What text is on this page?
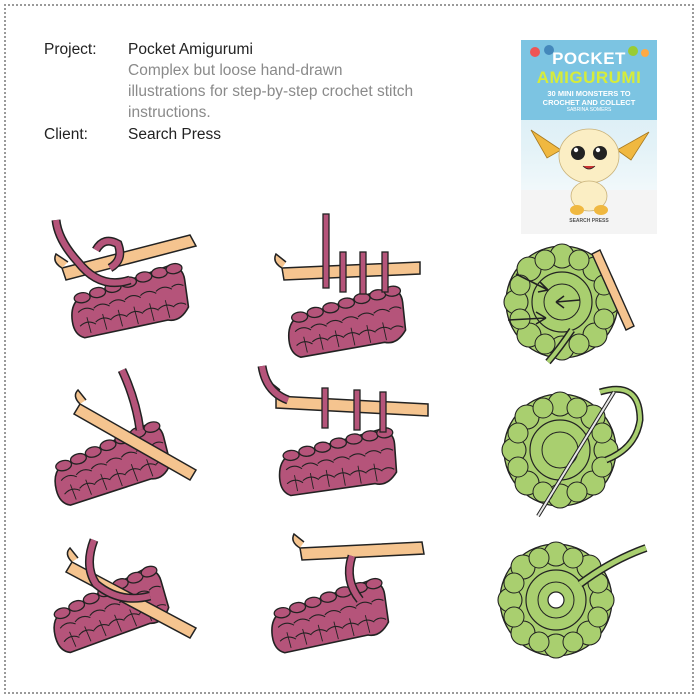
Project:	Pocket Amigurumi
Complex but loose hand-drawn illustrations for step-by-step crochet stitch instructions.
Client:	Search Press
POCKET
AMIGURUMI
30 MINI MONSTERS TO CROCHET AND COLLECT
SABRINA SOMERS
SEARCH PRESS
